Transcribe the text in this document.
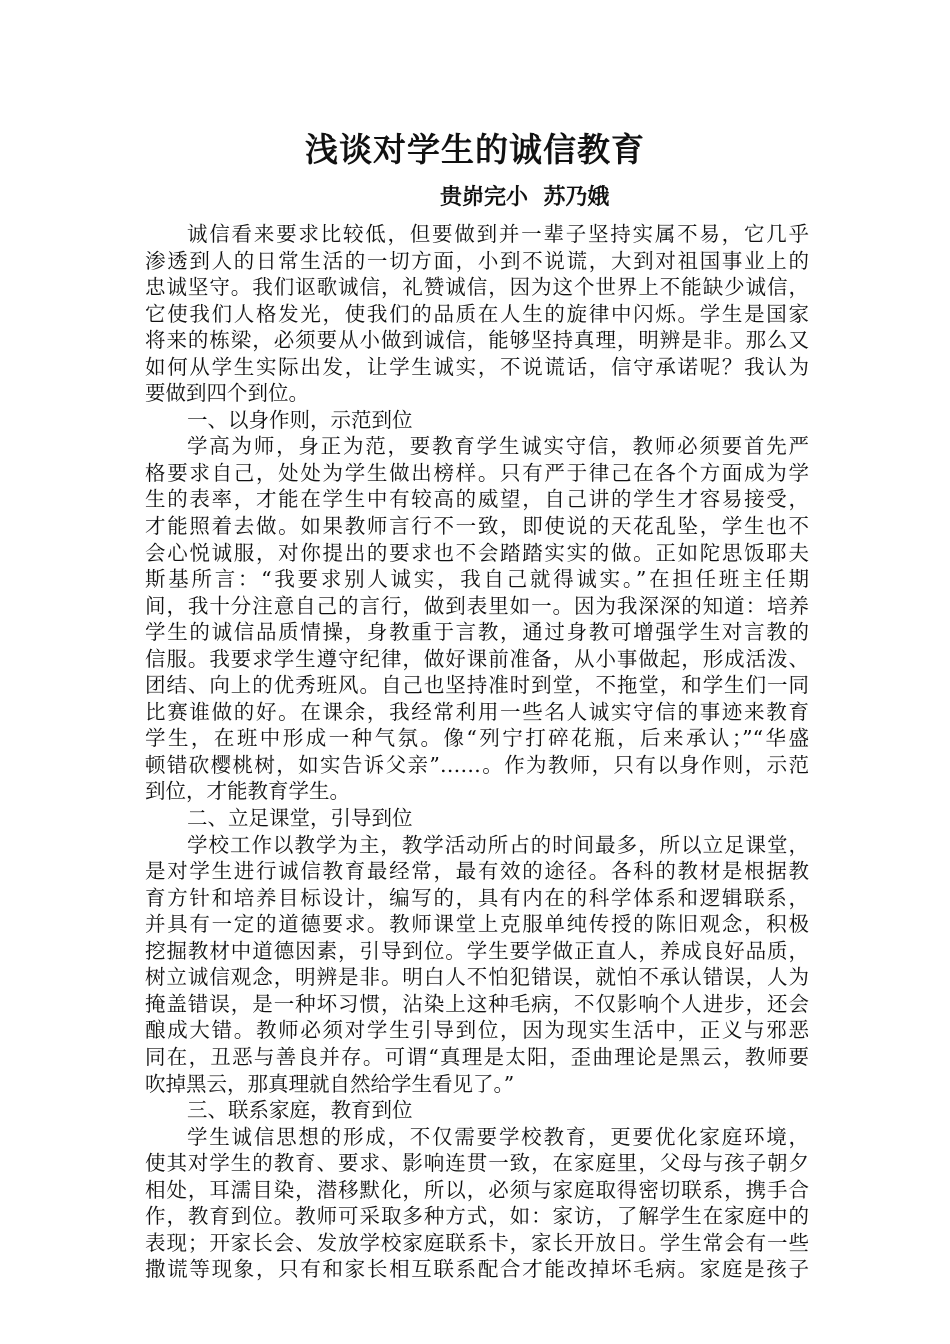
浅谈对学生的诚信教育

贵峁完小  苏乃娥

诚信看来要求比较低，但要做到并一辈子坚持实属不易，它几乎
渗透到人的日常生活的一切方面，小到不说谎，大到对祖国事业上的
忠诚坚守。我们讴歌诚信，礼赞诚信，因为这个世界上不能缺少诚信，
它使我们人格发光，使我们的品质在人生的旋律中闪烁。学生是国家
将来的栋梁，必须要从小做到诚信，能够坚持真理，明辨是非。那么又
如何从学生实际出发，让学生诚实，不说谎话，信守承诺呢？我认为
要做到四个到位。
一、以身作则，示范到位
学高为师，身正为范，要教育学生诚实守信，教师必须要首先严
格要求自己，处处为学生做出榜样。只有严于律己在各个方面成为学
生的表率，才能在学生中有较高的威望，自己讲的学生才容易接受，
才能照着去做。如果教师言行不一致，即使说的天花乱坠，学生也不
会心悦诚服，对你提出的要求也不会踏踏实实的做。正如陀思饭耶夫
斯基所言：“我要求别人诚实，我自己就得诚实。”在担任班主任期
间，我十分注意自己的言行，做到表里如一。因为我深深的知道：培养
学生的诚信品质情操，身教重于言教，通过身教可增强学生对言教的
信服。我要求学生遵守纪律，做好课前准备，从小事做起，形成活泼、
团结、向上的优秀班风。自己也坚持准时到堂，不拖堂，和学生们一同
比赛谁做的好。在课余，我经常利用一些名人诚实守信的事迹来教育
学生，在班中形成一种气氛。像“列宁打碎花瓶，后来承认；”“华盛
顿错砍樱桃树，如实告诉父亲”……。作为教师，只有以身作则，示范
到位，才能教育学生。
二、立足课堂，引导到位
学校工作以教学为主，教学活动所占的时间最多，所以立足课堂，
是对学生进行诚信教育最经常，最有效的途径。各科的教材是根据教
育方针和培养目标设计，编写的，具有内在的科学体系和逻辑联系，
并具有一定的道德要求。教师课堂上克服单纯传授的陈旧观念，积极
挖掘教材中道德因素，引导到位。学生要学做正直人，养成良好品质，
树立诚信观念，明辨是非。明白人不怕犯错误，就怕不承认错误，人为
掩盖错误，是一种坏习惯，沾染上这种毛病，不仅影响个人进步，还会
酿成大错。教师必须对学生引导到位，因为现实生活中，正义与邪恶
同在，丑恶与善良并存。可谓“真理是太阳，歪曲理论是黑云，教师要
吹掉黑云，那真理就自然给学生看见了。”
三、联系家庭，教育到位
学生诚信思想的形成，不仅需要学校教育，更要优化家庭环境，
使其对学生的教育、要求、影响连贯一致，在家庭里，父母与孩子朝夕
相处，耳濡目染，潜移默化，所以，必须与家庭取得密切联系，携手合
作，教育到位。教师可采取多种方式，如：家访，了解学生在家庭中的
表现；开家长会、发放学校家庭联系卡，家长开放日。学生常会有一些
撒谎等现象，只有和家长相互联系配合才能改掉坏毛病。家庭是孩子
